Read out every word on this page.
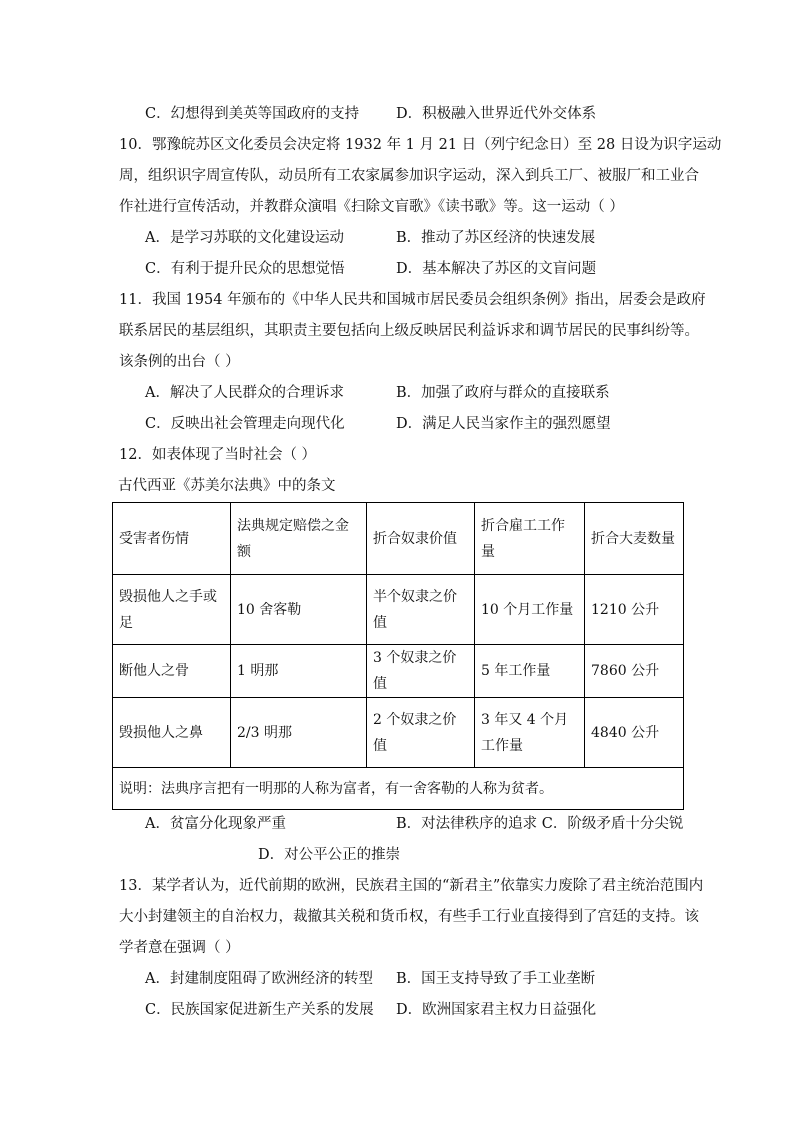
C．幻想得到美英等国政府的支持	D．积极融入世界近代外交体系
10．鄂豫皖苏区文化委员会决定将 1932 年 1 月 21 日（列宁纪念日）至 28 日设为识字运动
周，组织识字周宣传队，动员所有工农家属参加识字运动，深入到兵工厂、被服厂和工业合
作社进行宣传活动，并教群众演唱《扫除文盲歌》《读书歌》等。这一运动（ ）
A．是学习苏联的文化建设运动	B．推动了苏区经济的快速发展
C．有利于提升民众的思想觉悟	D．基本解决了苏区的文盲问题
11．我国 1954 年颁布的《中华人民共和国城市居民委员会组织条例》指出，居委会是政府
联系居民的基层组织，其职责主要包括向上级反映居民利益诉求和调节居民的民事纠纷等。
该条例的出台（ ）
A．解决了人民群众的合理诉求	B．加强了政府与群众的直接联系
C．反映出社会管理走向现代化	D．满足人民当家作主的强烈愿望
12．如表体现了当时社会（ ）
古代西亚《苏美尔法典》中的条文
受害者伤情	法典规定赔偿之金额	折合奴隶价值	折合雇工工作量	折合大麦数量
毁损他人之手或足	10 舍客勒	半个奴隶之价值	10 个月工作量	1210 公升
断他人之骨	1 明那	3 个奴隶之价值	5 年工作量	7860 公升
毁损他人之鼻	2/3 明那	2 个奴隶之价值	3 年又 4 个月工作量	4840 公升
说明：法典序言把有一明那的人称为富者，有一舍客勒的人称为贫者。				
A．贫富分化现象严重	B．对法律秩序的追求 C．阶级矛盾十分尖锐
D．对公平公正的推崇
13．某学者认为，近代前期的欧洲，民族君主国的“新君主”依靠实力废除了君主统治范围内
大小封建领主的自治权力，裁撤其关税和货币权，有些手工行业直接得到了宫廷的支持。该
学者意在强调（ ）
A．封建制度阻碍了欧洲经济的转型 B．国王支持导致了手工业垄断
C．民族国家促进新生产关系的发展 D．欧洲国家君主权力日益强化
